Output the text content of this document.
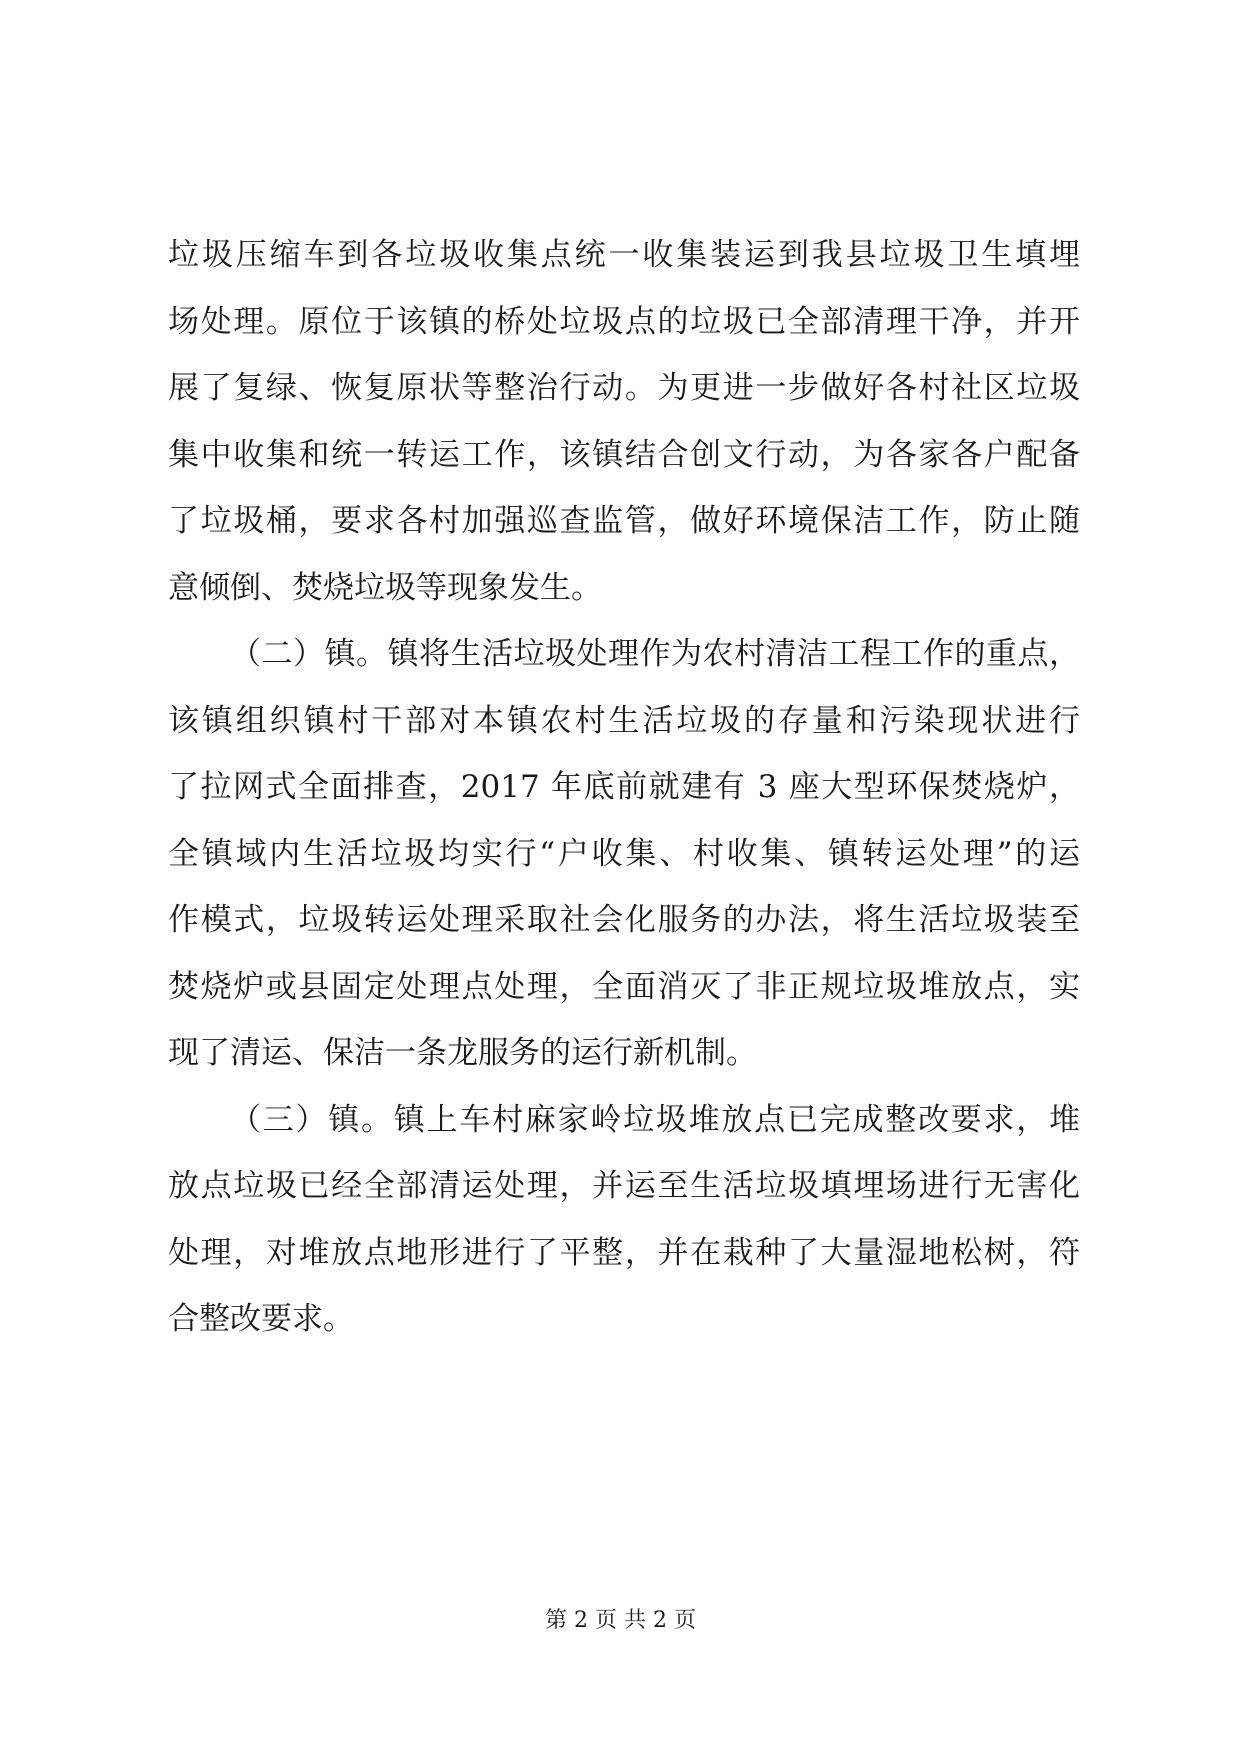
垃圾压缩车到各垃圾收集点统一收集装运到我县垃圾卫生填埋
场处理。原位于该镇的桥处垃圾点的垃圾已全部清理干净，并开
展了复绿、恢复原状等整治行动。为更进一步做好各村社区垃圾
集中收集和统一转运工作，该镇结合创文行动，为各家各户配备
了垃圾桶，要求各村加强巡查监管，做好环境保洁工作，防止随
意倾倒、焚烧垃圾等现象发生。
（二）镇。镇将生活垃圾处理作为农村清洁工程工作的重点，
该镇组织镇村干部对本镇农村生活垃圾的存量和污染现状进行
了拉网式全面排查，2017 年底前就建有 3 座大型环保焚烧炉，
全镇域内生活垃圾均实行“户收集、村收集、镇转运处理”的运
作模式，垃圾转运处理采取社会化服务的办法，将生活垃圾装至
焚烧炉或县固定处理点处理，全面消灭了非正规垃圾堆放点，实
现了清运、保洁一条龙服务的运行新机制。
（三）镇。镇上车村麻家岭垃圾堆放点已完成整改要求，堆
放点垃圾已经全部清运处理，并运至生活垃圾填埋场进行无害化
处理，对堆放点地形进行了平整，并在栽种了大量湿地松树，符
合整改要求。
第 2 页 共 2 页
